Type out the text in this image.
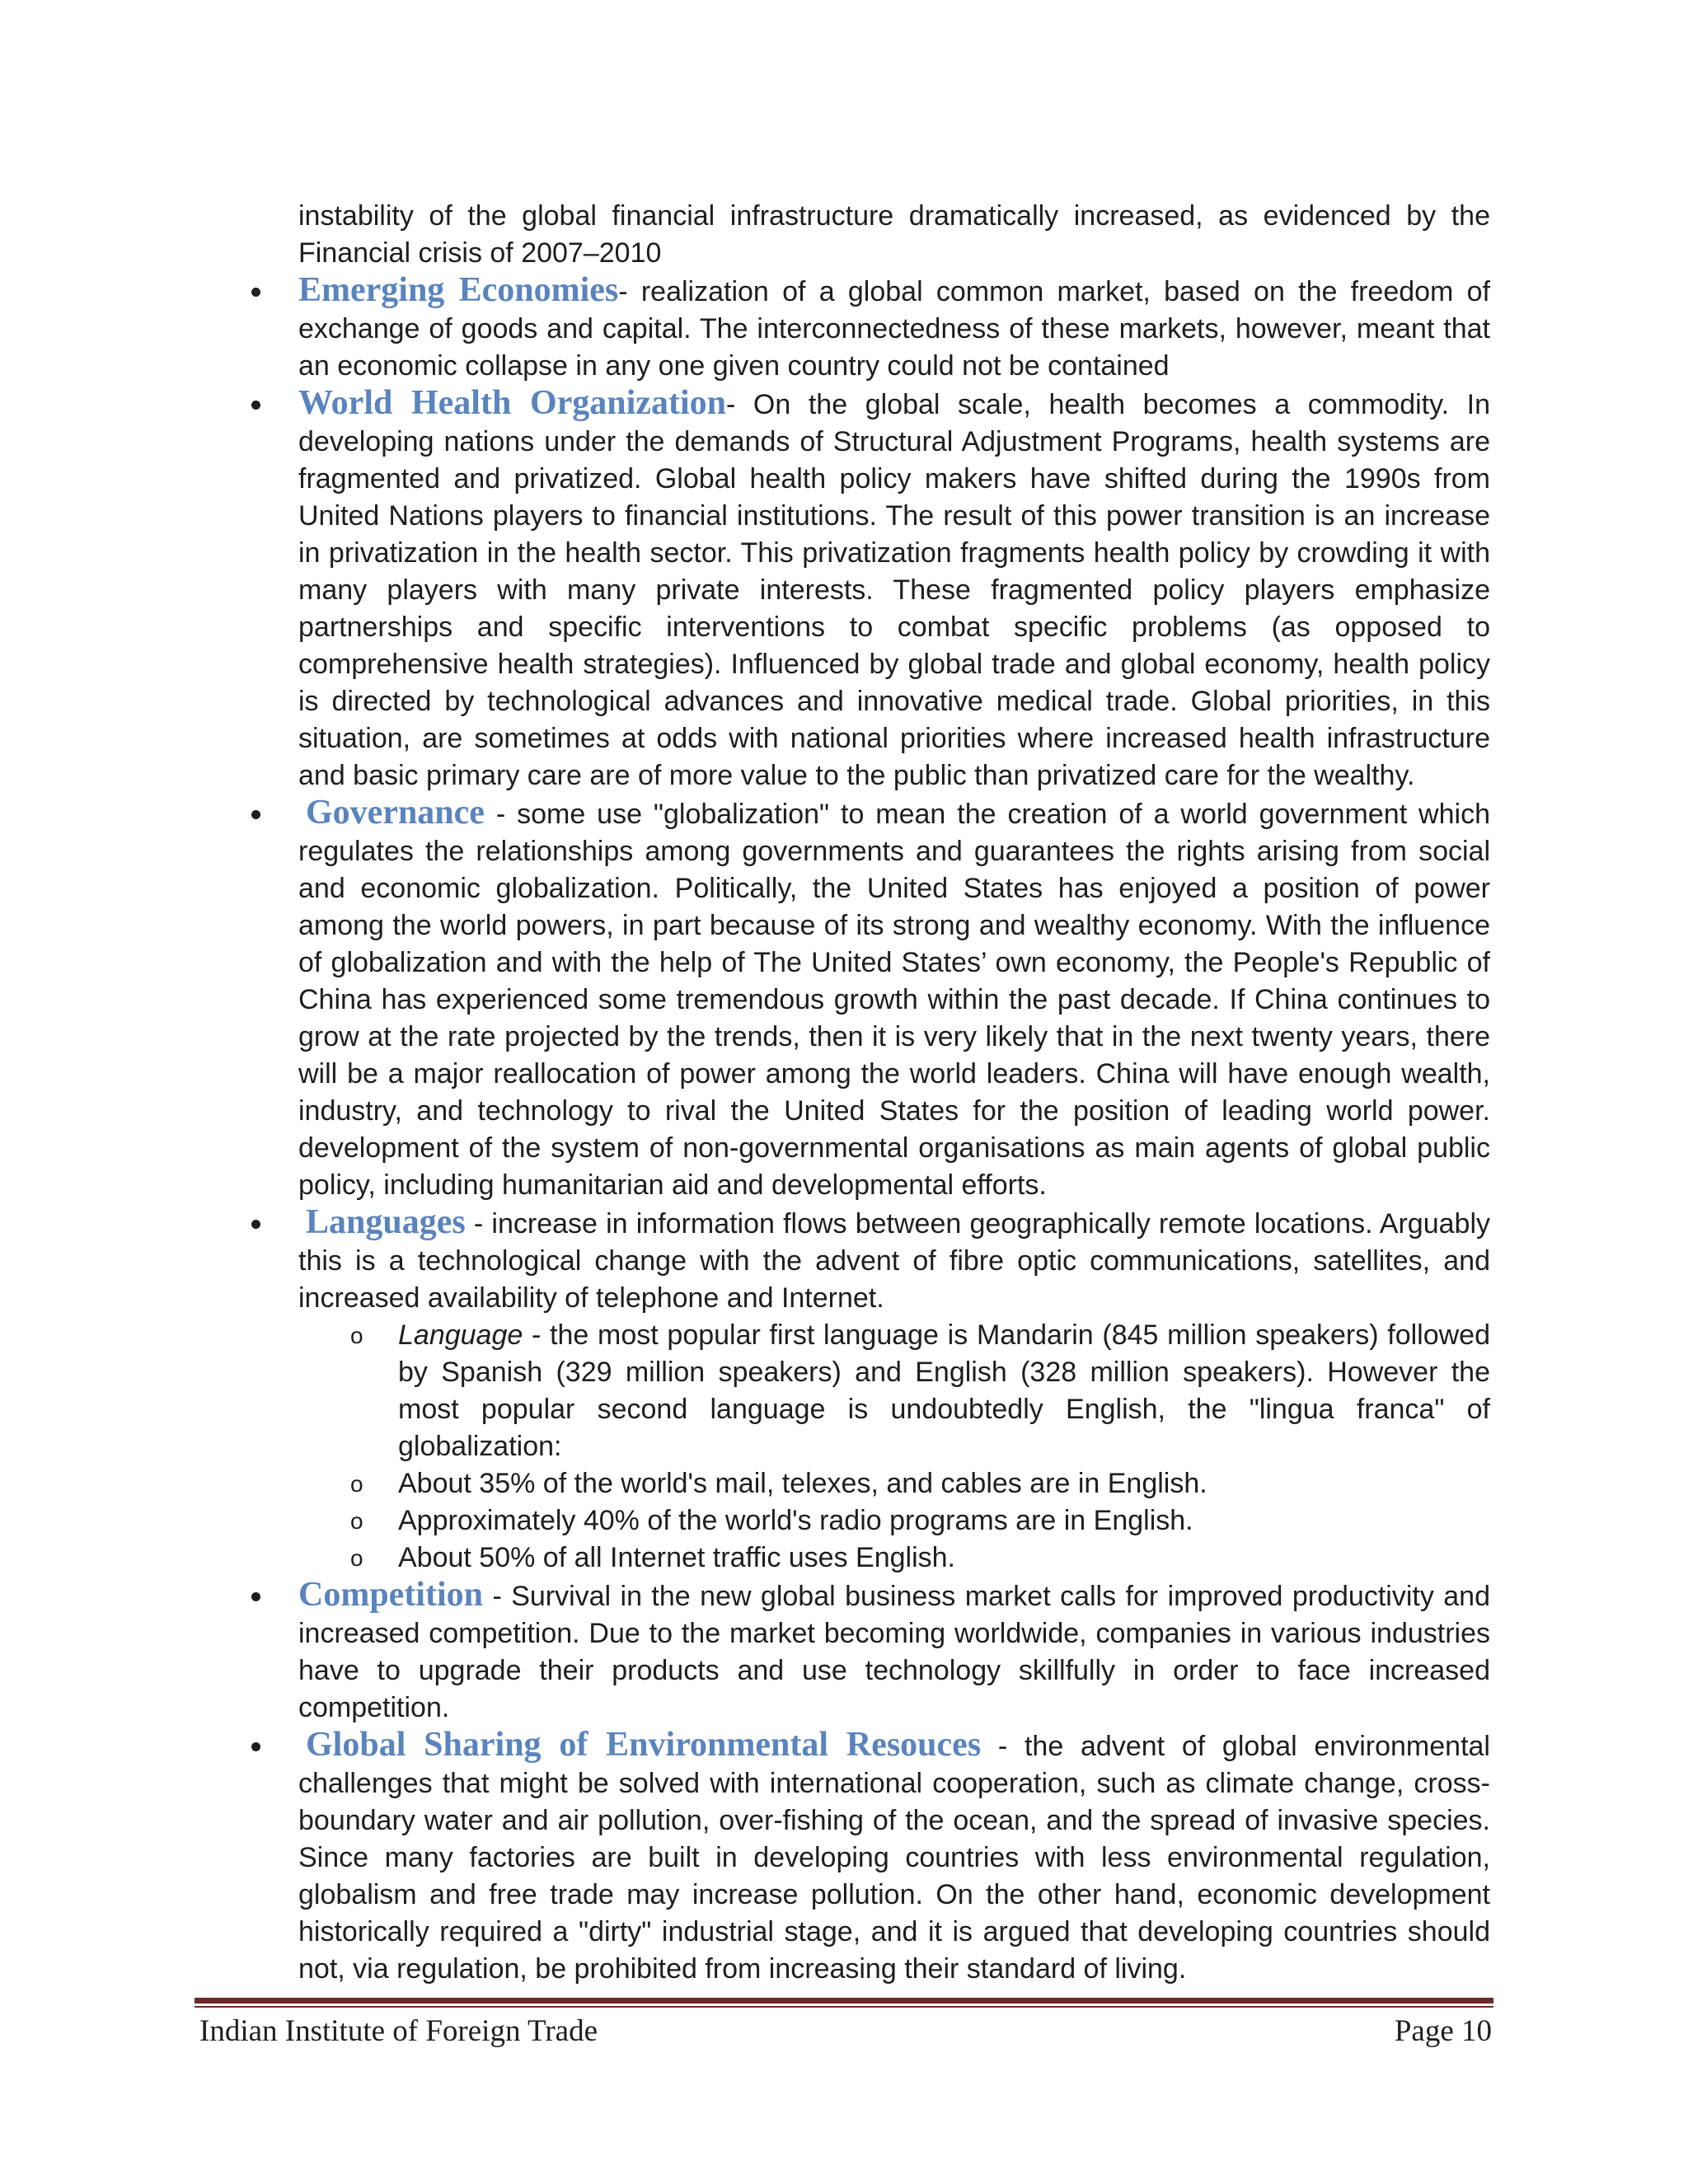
instability of the global financial infrastructure dramatically increased, as evidenced by the Financial crisis of 2007–2010

Emerging Economies- realization of a global common market, based on the freedom of exchange of goods and capital. The interconnectedness of these markets, however, meant that an economic collapse in any one given country could not be contained
World Health Organization- On the global scale, health becomes a commodity. In developing nations under the demands of Structural Adjustment Programs, health systems are fragmented and privatized. Global health policy makers have shifted during the 1990s from United Nations players to financial institutions. The result of this power transition is an increase in privatization in the health sector. This privatization fragments health policy by crowding it with many players with many private interests. These fragmented policy players emphasize partnerships and specific interventions to combat specific problems (as opposed to comprehensive health strategies). Influenced by global trade and global economy, health policy is directed by technological advances and innovative medical trade. Global priorities, in this situation, are sometimes at odds with national priorities where increased health infrastructure and basic primary care are of more value to the public than privatized care for the wealthy.
Governance - some use "globalization" to mean the creation of a world government which regulates the relationships among governments and guarantees the rights arising from social and economic globalization. Politically, the United States has enjoyed a position of power among the world powers, in part because of its strong and wealthy economy. With the influence of globalization and with the help of The United States’ own economy, the People's Republic of China has experienced some tremendous growth within the past decade. If China continues to grow at the rate projected by the trends, then it is very likely that in the next twenty years, there will be a major reallocation of power among the world leaders. China will have enough wealth, industry, and technology to rival the United States for the position of leading world power. development of the system of non-governmental organisations as main agents of global public policy, including humanitarian aid and developmental efforts.
Languages - increase in information flows between geographically remote locations. Arguably this is a technological change with the advent of fibre optic communications, satellites, and increased availability of telephone and Internet.
o Language - the most popular first language is Mandarin (845 million speakers) followed by Spanish (329 million speakers) and English (328 million speakers). However the most popular second language is undoubtedly English, the "lingua franca" of globalization:
o About 35% of the world's mail, telexes, and cables are in English.
o Approximately 40% of the world's radio programs are in English.
o About 50% of all Internet traffic uses English.
Competition - Survival in the new global business market calls for improved productivity and increased competition. Due to the market becoming worldwide, companies in various industries have to upgrade their products and use technology skillfully in order to face increased competition.
Global Sharing of Environmental Resouces - the advent of global environmental challenges that might be solved with international cooperation, such as climate change, cross-boundary water and air pollution, over-fishing of the ocean, and the spread of invasive species. Since many factories are built in developing countries with less environmental regulation, globalism and free trade may increase pollution. On the other hand, economic development historically required a "dirty" industrial stage, and it is argued that developing countries should not, via regulation, be prohibited from increasing their standard of living.
Indian Institute of Foreign Trade	Page 10
